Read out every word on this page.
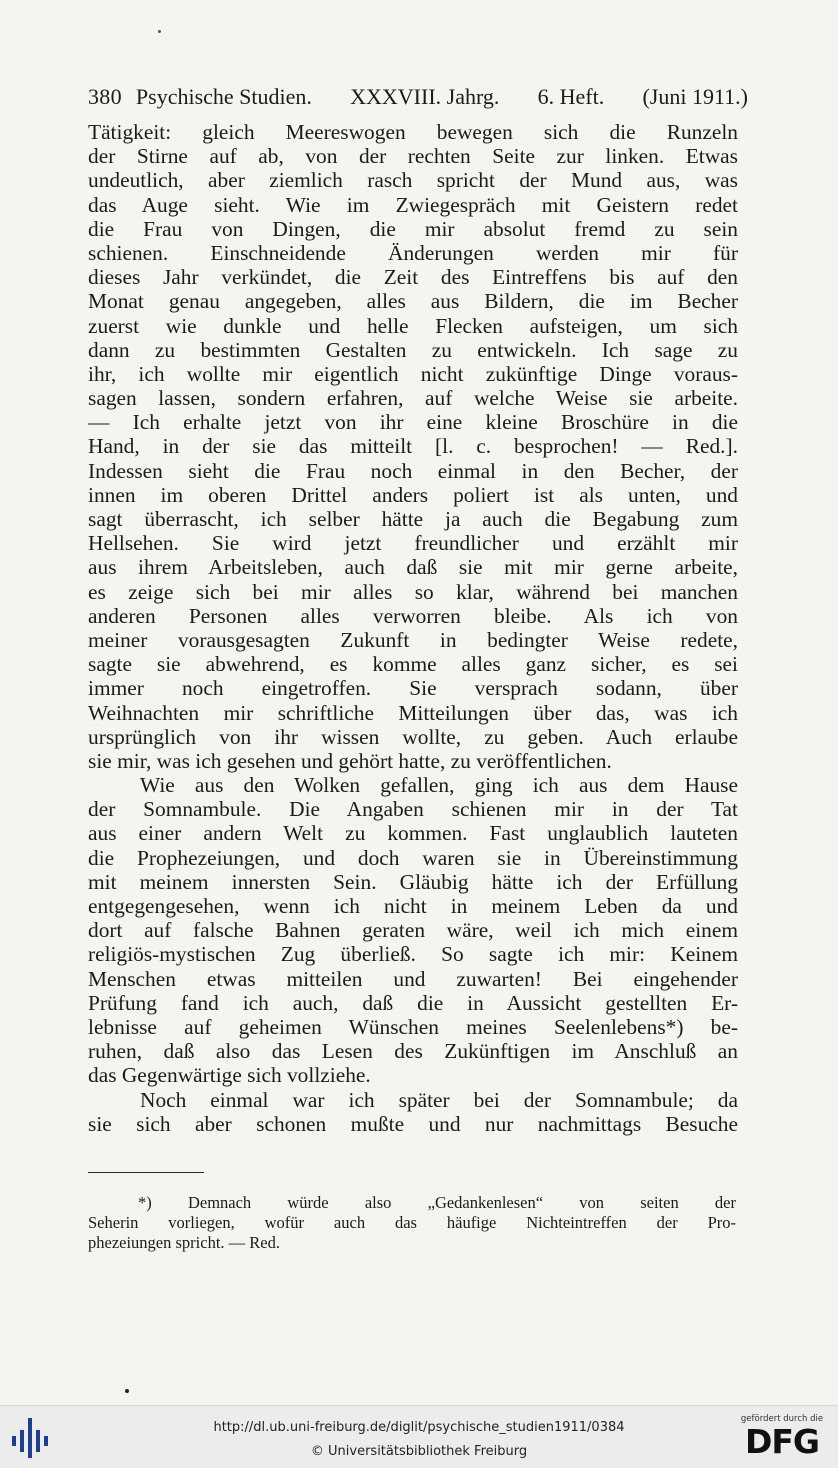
380 Psychische Studien. XXXVIII. Jahrg. 6. Heft. (Juni 1911.)
Tätigkeit: gleich Meereswogen bewegen sich die Runzeln
der Stirne auf ab, von der rechten Seite zur linken. Etwas
undeutlich, aber ziemlich rasch spricht der Mund aus, was
das Auge sieht. Wie im Zwiegespräch mit Geistern redet
die Frau von Dingen, die mir absolut fremd zu sein
schienen. Einschneidende Änderungen werden mir für
dieses Jahr verkündet, die Zeit des Eintreffens bis auf den
Monat genau angegeben, alles aus Bildern, die im Becher
zuerst wie dunkle und helle Flecken aufsteigen, um sich
dann zu bestimmten Gestalten zu entwickeln. Ich sage zu
ihr, ich wollte mir eigentlich nicht zukünftige Dinge voraus-
sagen lassen, sondern erfahren, auf welche Weise sie arbeite.
— Ich erhalte jetzt von ihr eine kleine Broschüre in die
Hand, in der sie das mitteilt [l. c. besprochen! — Red.].
Indessen sieht die Frau noch einmal in den Becher, der
innen im oberen Drittel anders poliert ist als unten, und
sagt überrascht, ich selber hätte ja auch die Begabung zum
Hellsehen. Sie wird jetzt freundlicher und erzählt mir
aus ihrem Arbeitsleben, auch daß sie mit mir gerne arbeite,
es zeige sich bei mir alles so klar, während bei manchen
anderen Personen alles verworren bleibe. Als ich von
meiner vorausgesagten Zukunft in bedingter Weise redete,
sagte sie abwehrend, es komme alles ganz sicher, es sei
immer noch eingetroffen. Sie versprach sodann, über
Weihnachten mir schriftliche Mitteilungen über das, was ich
ursprünglich von ihr wissen wollte, zu geben. Auch erlaube
sie mir, was ich gesehen und gehört hatte, zu veröffentlichen.
Wie aus den Wolken gefallen, ging ich aus dem Hause
der Somnambule. Die Angaben schienen mir in der Tat
aus einer andern Welt zu kommen. Fast unglaublich lauteten
die Prophezeiungen, und doch waren sie in Übereinstimmung
mit meinem innersten Sein. Gläubig hätte ich der Erfüllung
entgegengesehen, wenn ich nicht in meinem Leben da und
dort auf falsche Bahnen geraten wäre, weil ich mich einem
religiös-mystischen Zug überließ. So sagte ich mir: Keinem
Menschen etwas mitteilen und zuwarten! Bei eingehender
Prüfung fand ich auch, daß die in Aussicht gestellten Er-
lebnisse auf geheimen Wünschen meines Seelenlebens*) be-
ruhen, daß also das Lesen des Zukünftigen im Anschluß an
das Gegenwärtige sich vollziehe.
Noch einmal war ich später bei der Somnambule; da
sie sich aber schonen mußte und nur nachmittags Besuche
*) Demnach würde also „Gedankenlesen“ von seiten der
Seherin vorliegen, wofür auch das häufige Nichteintreffen der Pro-
phezeiungen spricht. — Red.
http://dl.ub.uni-freiburg.de/diglit/psychische_studien1911/0384
© Universitätsbibliothek Freiburg
gefördert durch die
DFG
